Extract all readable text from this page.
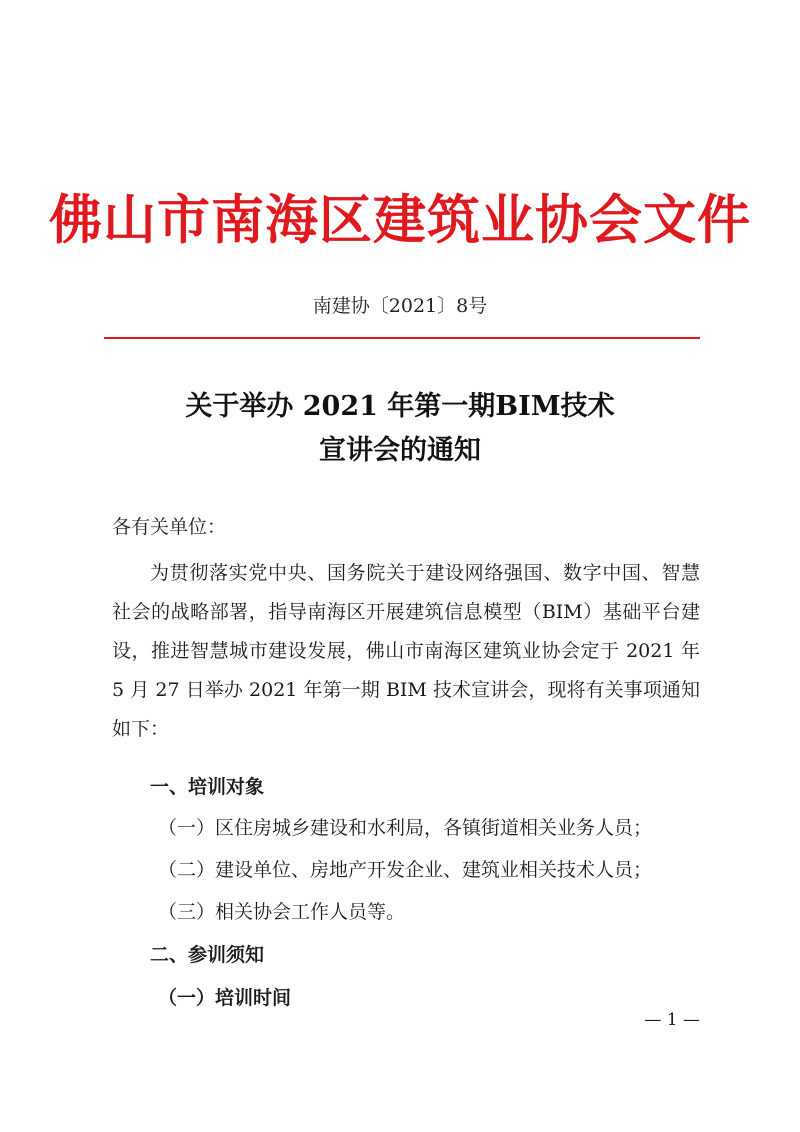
佛山市南海区建筑业协会文件
南建协〔2021〕8号
关于举办 2021 年第一期BIM技术
宣讲会的通知
各有关单位：
为贯彻落实党中央、国务院关于建设网络强国、数字中国、智慧社会的战略部署，指导南海区开展建筑信息模型（BIM）基础平台建设，推进智慧城市建设发展，佛山市南海区建筑业协会定于 2021 年 5 月 27 日举办 2021 年第一期 BIM 技术宣讲会，现将有关事项通知如下：
一、培训对象
（一）区住房城乡建设和水利局，各镇街道相关业务人员；
（二）建设单位、房地产开发企业、建筑业相关技术人员；
（三）相关协会工作人员等。
二、参训须知
（一）培训时间
— 1 —
